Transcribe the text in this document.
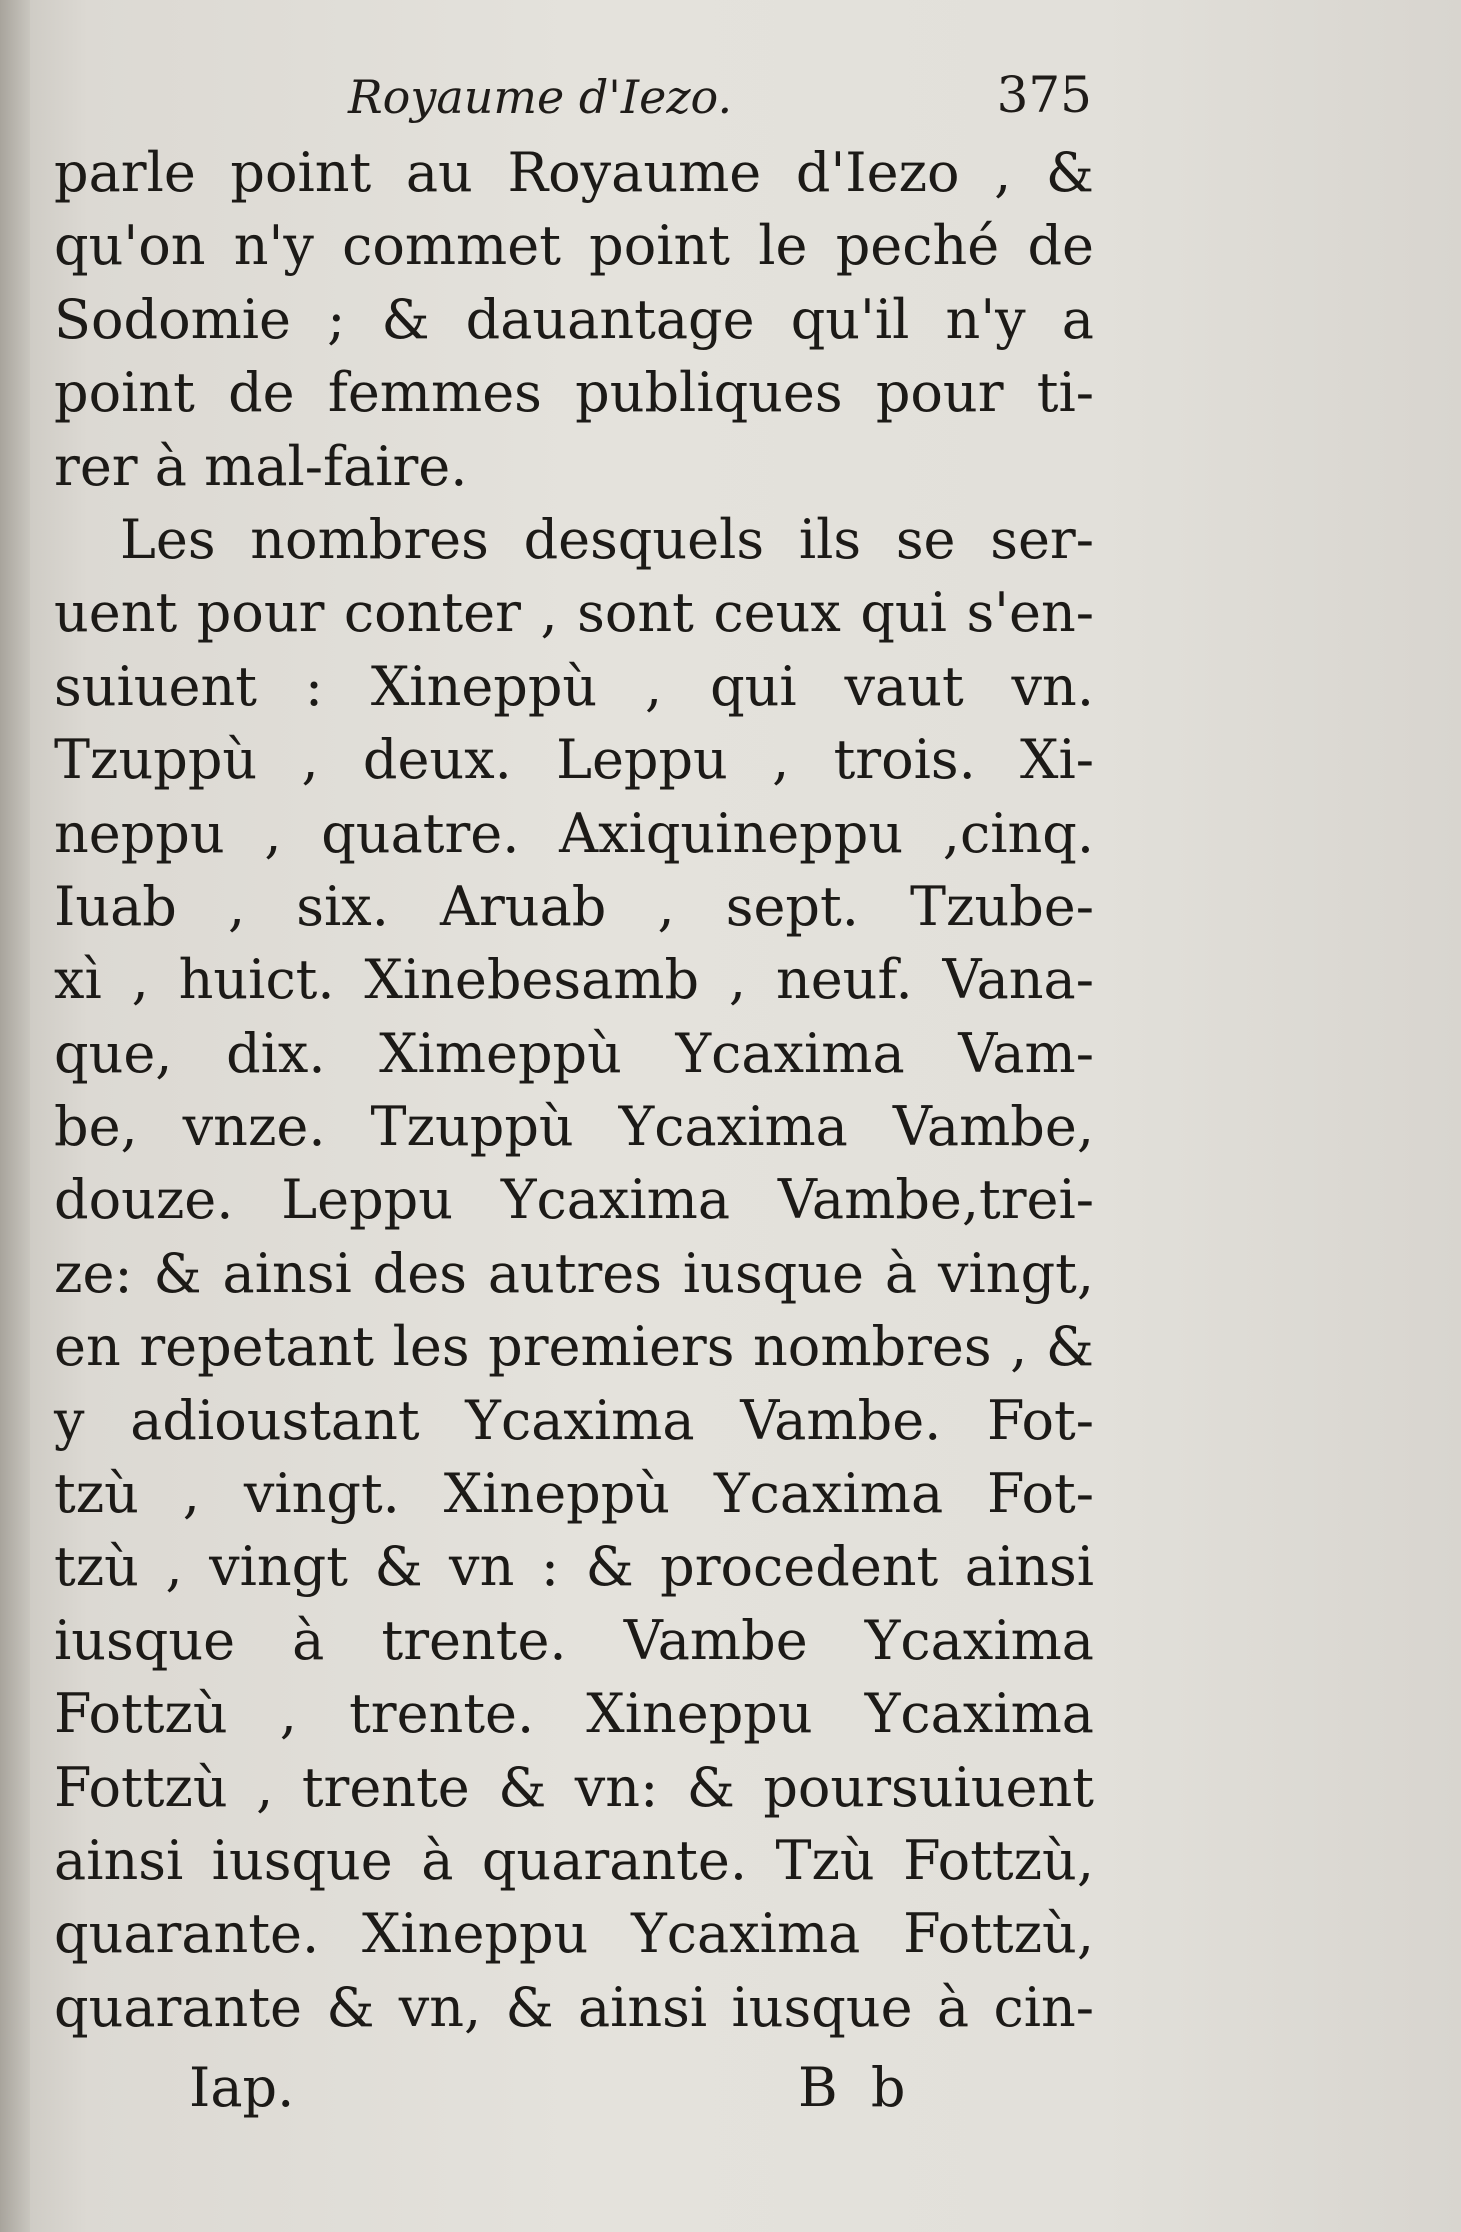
Royaume d'Iezo.	375
parle point au Royaume d'Iezo , &
qu'on n'y commet point le peché de
Sodomie ; & dauantage qu'il n'y a
point de femmes publiques pour ti-
rer à mal-faire.
Les nombres desquels ils se ser-
uent pour conter , sont ceux qui s'en-
suiuent : Xineppù , qui vaut vn.
Tzuppù , deux. Leppu , trois. Xi-
neppu , quatre. Axiquineppu ,cinq.
Iuab , six. Aruab , sept. Tzube-
xì , huict. Xinebesamb , neuf. Vana-
que, dix. Ximeppù Ycaxima Vam-
be, vnze. Tzuppù Ycaxima Vambe,
douze. Leppu Ycaxima Vambe,trei-
ze: & ainsi des autres iusque à vingt,
en repetant les premiers nombres , &
y adioustant Ycaxima Vambe. Fot-
tzù , vingt. Xineppù Ycaxima Fot-
tzù , vingt & vn : & procedent ainsi
iusque à trente. Vambe Ycaxima
Fottzù , trente. Xineppu Ycaxima
Fottzù , trente & vn: & poursuiuent
ainsi iusque à quarante. Tzù Fottzù,
quarante. Xineppu Ycaxima Fottzù,
quarante & vn, & ainsi iusque à cin-
Iap.	B b
